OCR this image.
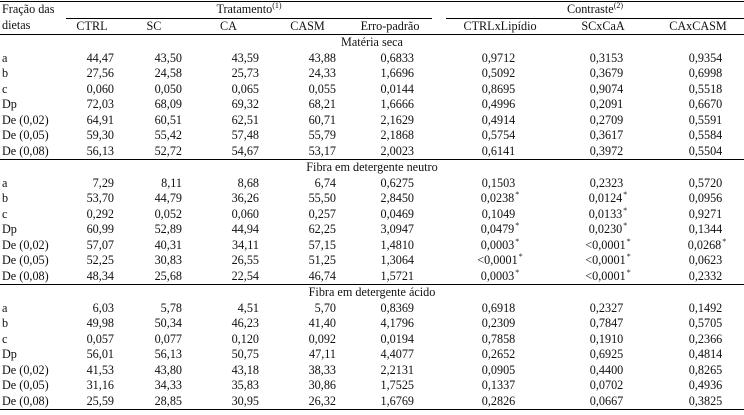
Fração das
dietas	Tratamento$^{(1)}$						Contraste$^{(2)}$
	CTRL	SC	CA	CASM	Erro-padrão		CTRLxLipídio	SCxCaA	CAxCASM
Matéria seca									
a	44,47	43,50	43,59	43,88	0,6833		0,9712	0,3153	0,9354
b	27,56	24,58	25,73	24,33	1,6696		0,5092	0,3679	0,6998
c	0,060	0,050	0,065	0,055	0,0144		0,8695	0,9074	0,5518
Dp	72,03	68,09	69,32	68,21	1,6666		0,4996	0,2091	0,6670
De (0,02)	64,91	60,51	62,51	60,71	2,1629		0,4914	0,2709	0,5591
De (0,05)	59,30	55,42	57,48	55,79	2,1868		0,5754	0,3617	0,5584
De (0,08)	56,13	52,72	54,67	53,17	2,0023		0,6141	0,3972	0,5504
Fibra em detergente neutro									
a	7,29	8,11	8,68	6,74	0,6275		0,1503	0,2323	0,5720
b	53,70	44,79	36,26	55,50	2,8450		0,0238*	0,0124*	0,0956
c	0,292	0,052	0,060	0,257	0,0469		0,1049	0,0133*	0,9271
Dp	60,99	52,89	44,94	62,25	3,0947		0,0479*	0,0230*	0,1344
De (0,02)	57,07	40,31	34,11	57,15	1,4810		0,0003*	<0,0001*	0,0268*
De (0,05)	52,25	30,83	26,55	51,25	1,3064		<0,0001*	<0,0001*	0,0623
De (0,08)	48,34	25,68	22,54	46,74	1,5721		0,0003*	<0,0001*	0,2332
Fibra em detergente ácido									
a	6,03	5,78	4,51	5,70	0,8369		0,6918	0,2327	0,1492
b	49,98	50,34	46,23	41,40	4,1796		0,2309	0,7847	0,5705
c	0,057	0,077	0,120	0,092	0,0194		0,7858	0,1910	0,2366
Dp	56,01	56,13	50,75	47,11	4,4077		0,2652	0,6925	0,4814
De (0,02)	41,53	43,80	43,18	38,33	2,2131		0,0905	0,4400	0,8265
De (0,05)	31,16	34,33	35,83	30,86	1,7525		0,1337	0,0702	0,4936
De (0,08)	25,59	28,85	30,95	26,32	1,6769		0,2826	0,0667	0,3825
